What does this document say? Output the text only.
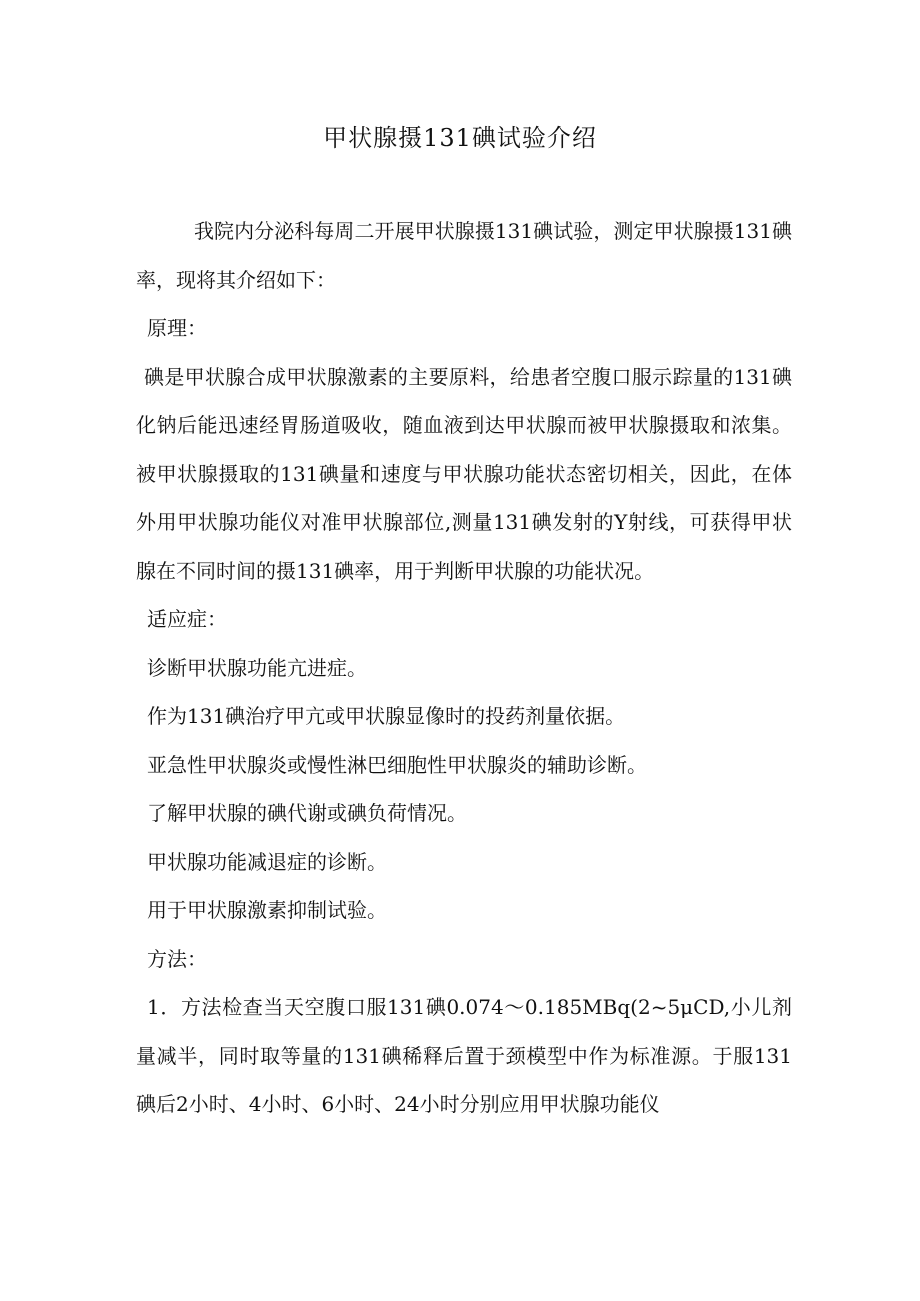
甲状腺摄131碘试验介绍

我院内分泌科每周二开展甲状腺摄131碘试验，测定甲状腺摄131碘率，现将其介绍如下：

原理：

碘是甲状腺合成甲状腺激素的主要原料，给患者空腹口服示踪量的131碘化钠后能迅速经胃肠道吸收，随血液到达甲状腺而被甲状腺摄取和浓集。被甲状腺摄取的131碘量和速度与甲状腺功能状态密切相关，因此，在体外用甲状腺功能仪对准甲状腺部位,测量131碘发射的Y射线，可获得甲状腺在不同时间的摄131碘率，用于判断甲状腺的功能状况。

适应症：

诊断甲状腺功能亢进症。

作为131碘治疗甲亢或甲状腺显像时的投药剂量依据。

亚急性甲状腺炎或慢性淋巴细胞性甲状腺炎的辅助诊断。

了解甲状腺的碘代谢或碘负荷情况。

甲状腺功能减退症的诊断。

用于甲状腺激素抑制试验。

方法：

1．方法检查当天空腹口服131碘0.074～0.185MBq(2~5μCD,小儿剂量减半，同时取等量的131碘稀释后置于颈模型中作为标准源。于服131碘后2小时、4小时、6小时、24小时分别应用甲状腺功能仪
